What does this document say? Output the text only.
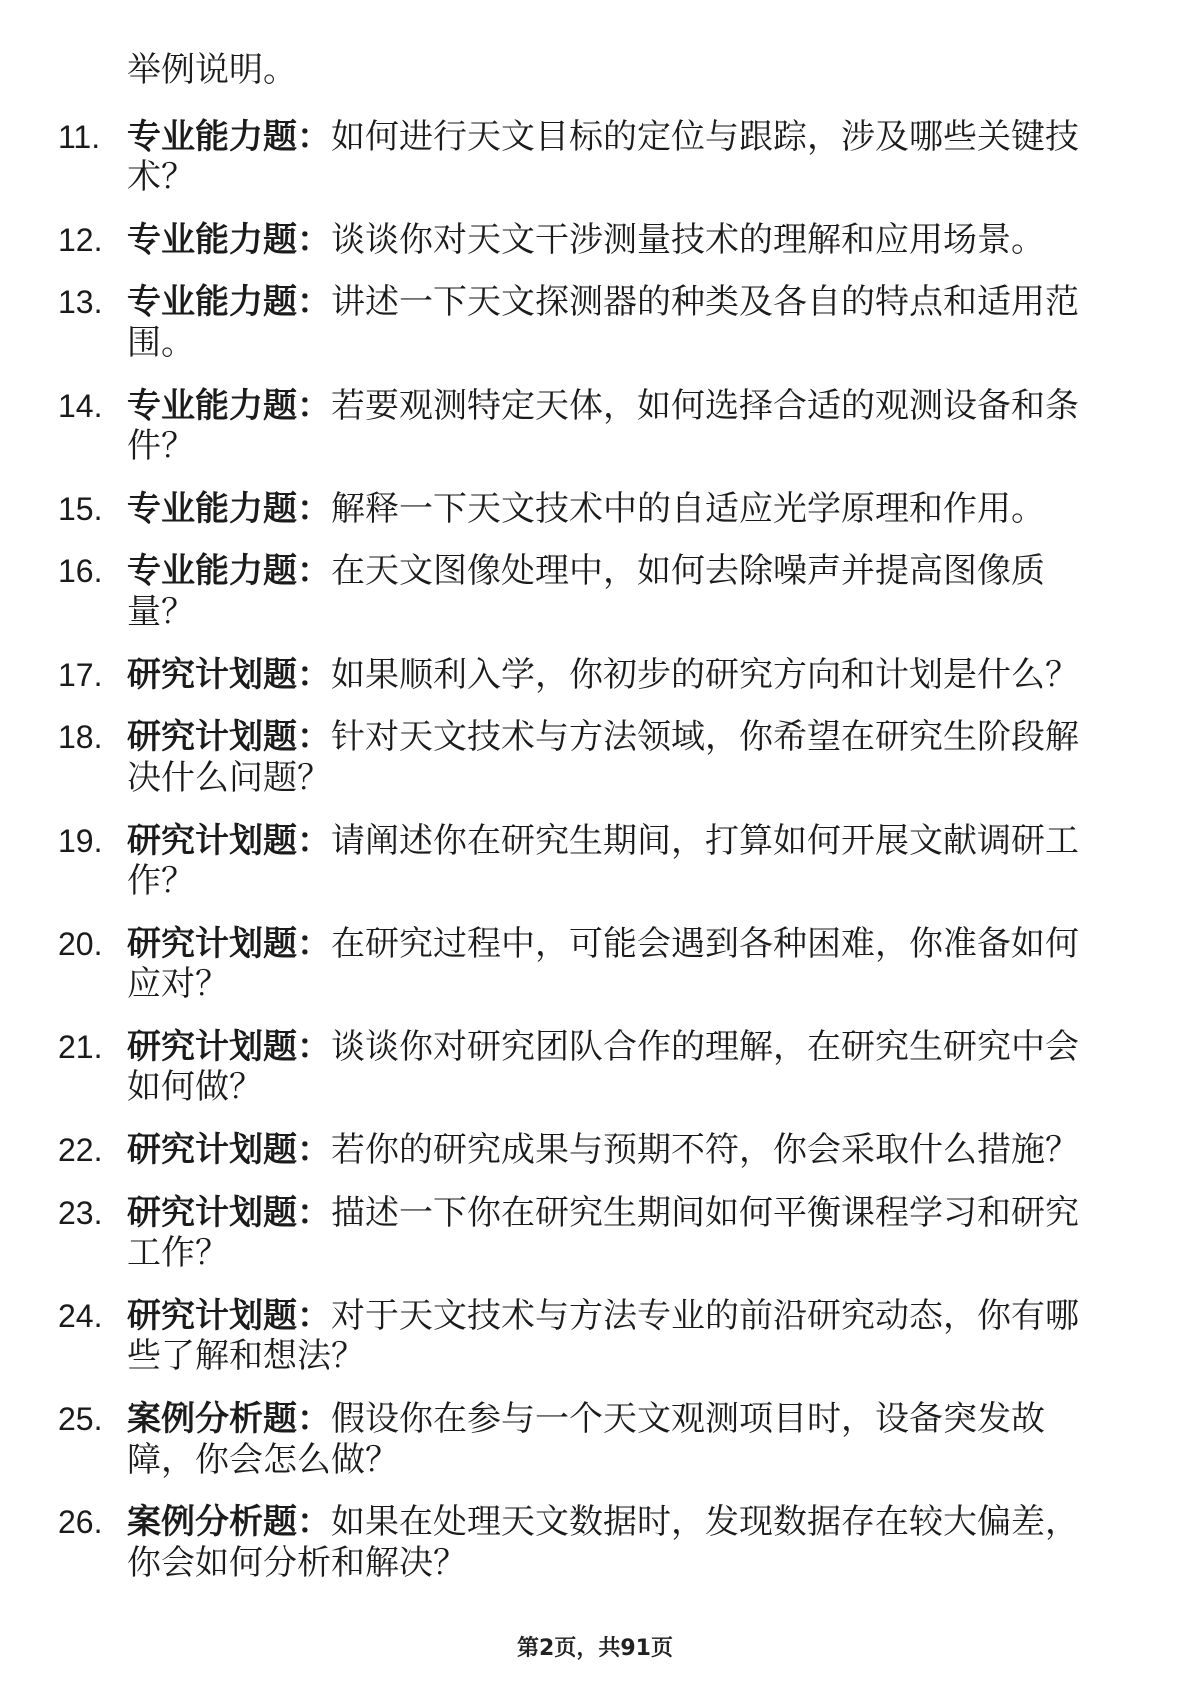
举例说明。
11. 专业能力题：如何进行天文目标的定位与跟踪，涉及哪些关键技术？
12. 专业能力题：谈谈你对天文干涉测量技术的理解和应用场景。
13. 专业能力题：讲述一下天文探测器的种类及各自的特点和适用范围。
14. 专业能力题：若要观测特定天体，如何选择合适的观测设备和条件？
15. 专业能力题：解释一下天文技术中的自适应光学原理和作用。
16. 专业能力题：在天文图像处理中，如何去除噪声并提高图像质量？
17. 研究计划题：如果顺利入学，你初步的研究方向和计划是什么？
18. 研究计划题：针对天文技术与方法领域，你希望在研究生阶段解决什么问题？
19. 研究计划题：请阐述你在研究生期间，打算如何开展文献调研工作？
20. 研究计划题：在研究过程中，可能会遇到各种困难，你准备如何应对？
21. 研究计划题：谈谈你对研究团队合作的理解，在研究生研究中会如何做？
22. 研究计划题：若你的研究成果与预期不符，你会采取什么措施？
23. 研究计划题：描述一下你在研究生期间如何平衡课程学习和研究工作？
24. 研究计划题：对于天文技术与方法专业的前沿研究动态，你有哪些了解和想法？
25. 案例分析题：假设你在参与一个天文观测项目时，设备突发故障，你会怎么做？
26. 案例分析题：如果在处理天文数据时，发现数据存在较大偏差，你会如何分析和解决？
第2页，共91页
